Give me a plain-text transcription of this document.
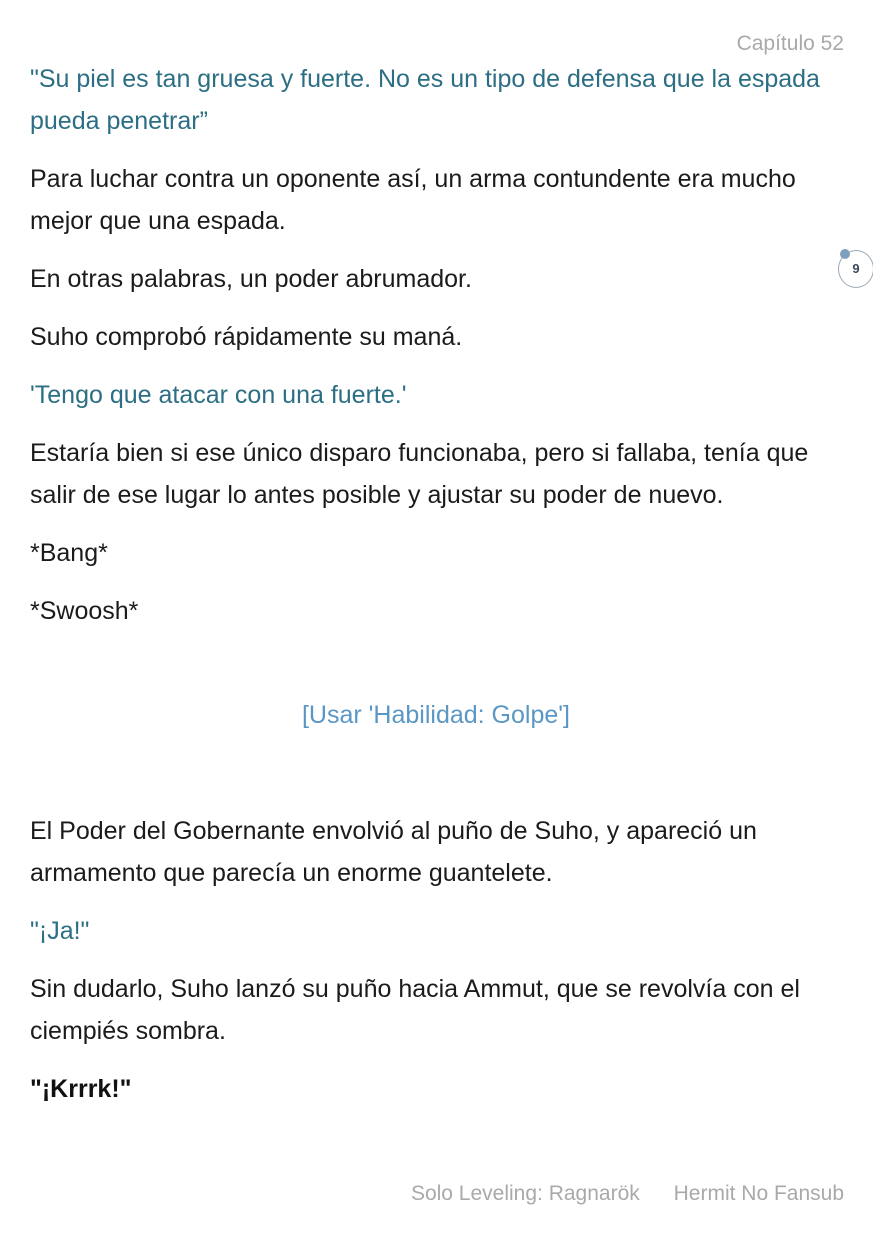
Capítulo 52

"Su piel es tan gruesa y fuerte. No es un tipo de defensa que la espada pueda penetrar”

Para luchar contra un oponente así, un arma contundente era mucho mejor que una espada.

En otras palabras, un poder abrumador.

Suho comprobó rápidamente su maná.

'Tengo que atacar con una fuerte.'

Estaría bien si ese único disparo funcionaba, pero si fallaba, tenía que salir de ese lugar lo antes posible y ajustar su poder de nuevo.

*Bang*

*Swoosh*

[Usar 'Habilidad: Golpe']

El Poder del Gobernante envolvió al puño de Suho, y apareció un armamento que parecía un enorme guantelete.

"¡Ja!"

Sin dudarlo, Suho lanzó su puño hacia Ammut, que se revolvía con el ciempiés sombra.

"¡Krrrk!"

9
Solo Leveling: Ragnarök Hermit No Fansub
